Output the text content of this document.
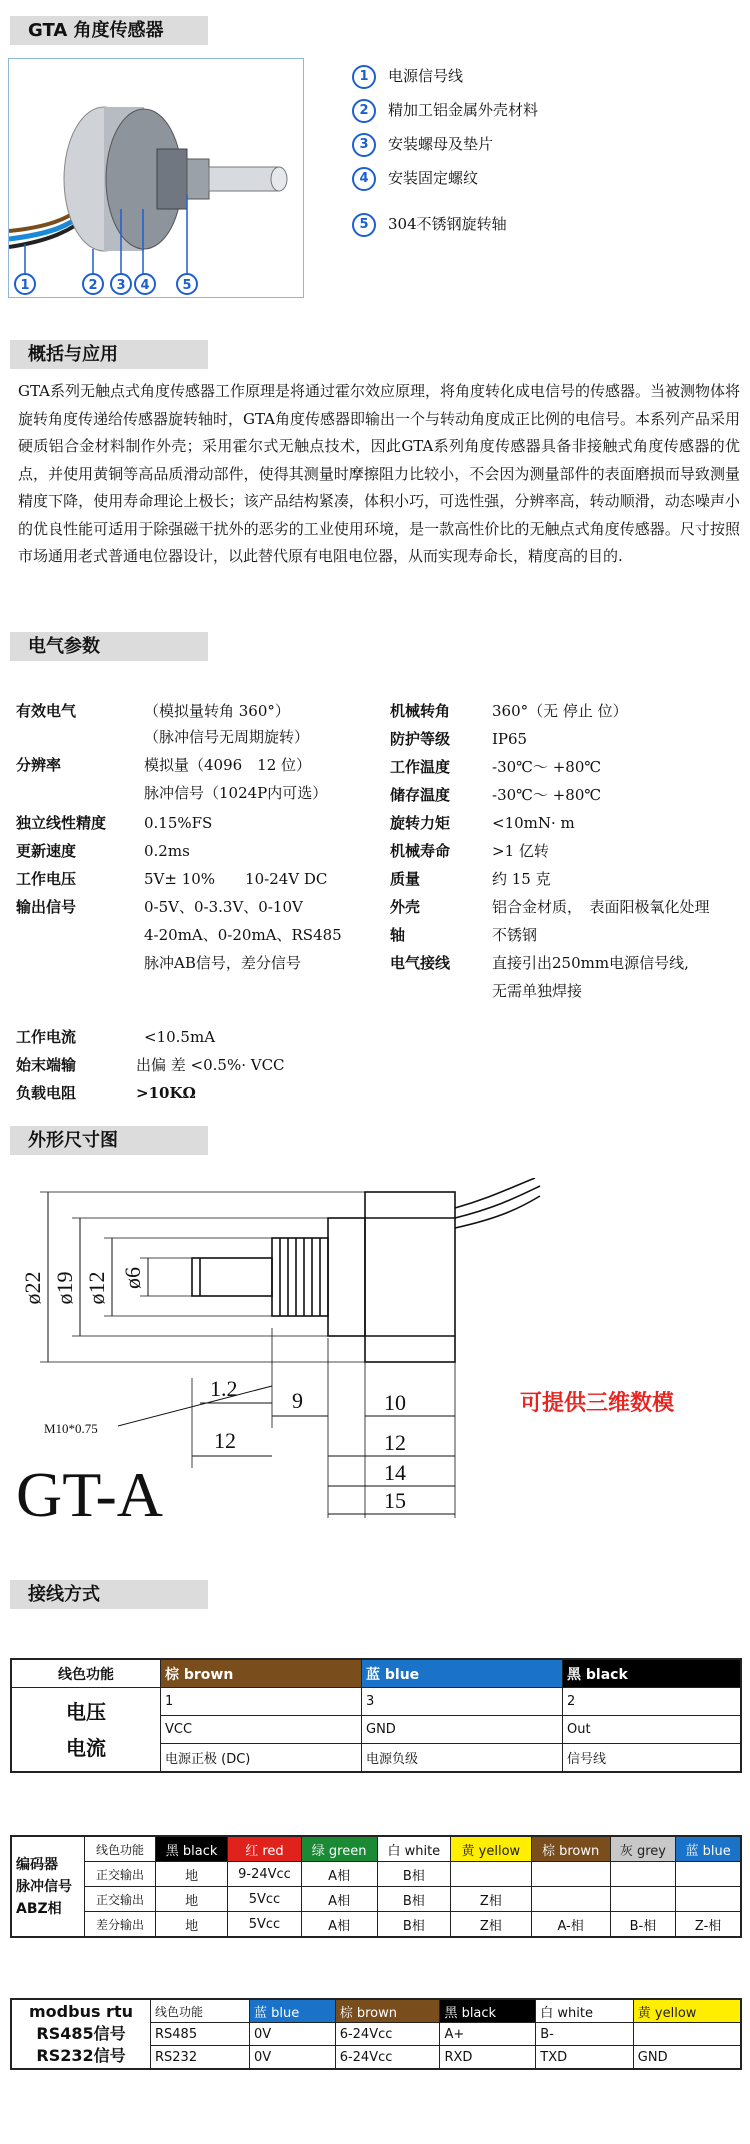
GTA 角度传感器
1	2 3 4	5
1 电源信号线
2 精加工铝金属外壳材料
3 安装螺母及垫片
4 安装固定螺纹
5 304不锈钢旋转轴
概括与应用
GTA系列无触点式角度传感器工作原理是将通过霍尔效应原理，将角度转化成电信号的传感器。当被测物体将旋转角度传递给传感器旋转轴时，GTA角度传感器即输出一个与转动角度成正比例的电信号。本系列产品采用硬质铝合金材料制作外壳；采用霍尔式无触点技术，因此GTA系列角度传感器具备非接触式角度传感器的优点，并使用黄铜等高品质滑动部件，使得其测量时摩擦阻力比较小，不会因为测量部件的表面磨损而导致测量精度下降，使用寿命理论上极长；该产品结构紧凑，体积小巧，可选性强，分辨率高，转动顺滑，动态噪声小的优良性能可适用于除强磁干扰外的恶劣的工业使用环境，是一款高性价比的无触点式角度传感器。尺寸按照市场通用老式普通电位器设计，以此替代原有电阻电位器，从而实现寿命长，精度高的目的.
电气参数
有效电气	（模拟量转角 360°）
（脉冲信号无周期旋转）
分辨率	模拟量（4096　12 位）
脉冲信号（1024P内可选）
独立线性精度	0.15%FS
更新速度	0.2ms
工作电压	5V± 10%　　10-24V DC
输出信号	0-5V、0-3.3V、0-10V
4-20mA、0-20mA、RS485
脉冲AB信号，差分信号
机械转角	360°（无 停止 位）
防护等级	IP65
工作温度	-30℃～ +80℃
储存温度	-30℃～ +80℃
旋转力矩	<10mN· m
机械寿命	>1 亿转
质量	约 15 克
外壳	铝合金材质，　表面阳极氧化处理
轴	不锈钢
电气接线	直接引出250mm电源信号线,
无需单独焊接
工作电流	<10.5mA
始末端输	出偏 差 <0.5%· VCC
负载电阻	>10KΩ
外形尺寸图
ø22 ø19 ø12 ø6
1.2 9
12
10
12
14
15
M10*0.75
GT-A
可提供三维数模
接线方式
线色功能	棕 brown	蓝 blue	黑 black

电压
电流	1	3	2
	VCC	GND	Out
	电源正极 (DC)	电源负级	信号线
编码器
脉冲信号
ABZ相	线色功能	黑 black	红 red	绿 green	白 white	黄 yellow	棕 brown	灰 grey	蓝 blue
	正交输出	地	9-24Vcc	A相	B相				
	正交输出	地	5Vcc	A相	B相	Z相			
	差分输出	地	5Vcc	A相	B相	Z相	A-相	B-相	Z-相
modbus rtu
RS485信号
RS232信号	线色功能	蓝 blue	棕 brown	黑 black	白 white	黄 yellow
	RS485	0V	6-24Vcc	A+	B-	
	RS232	0V	6-24Vcc	RXD	TXD	GND
